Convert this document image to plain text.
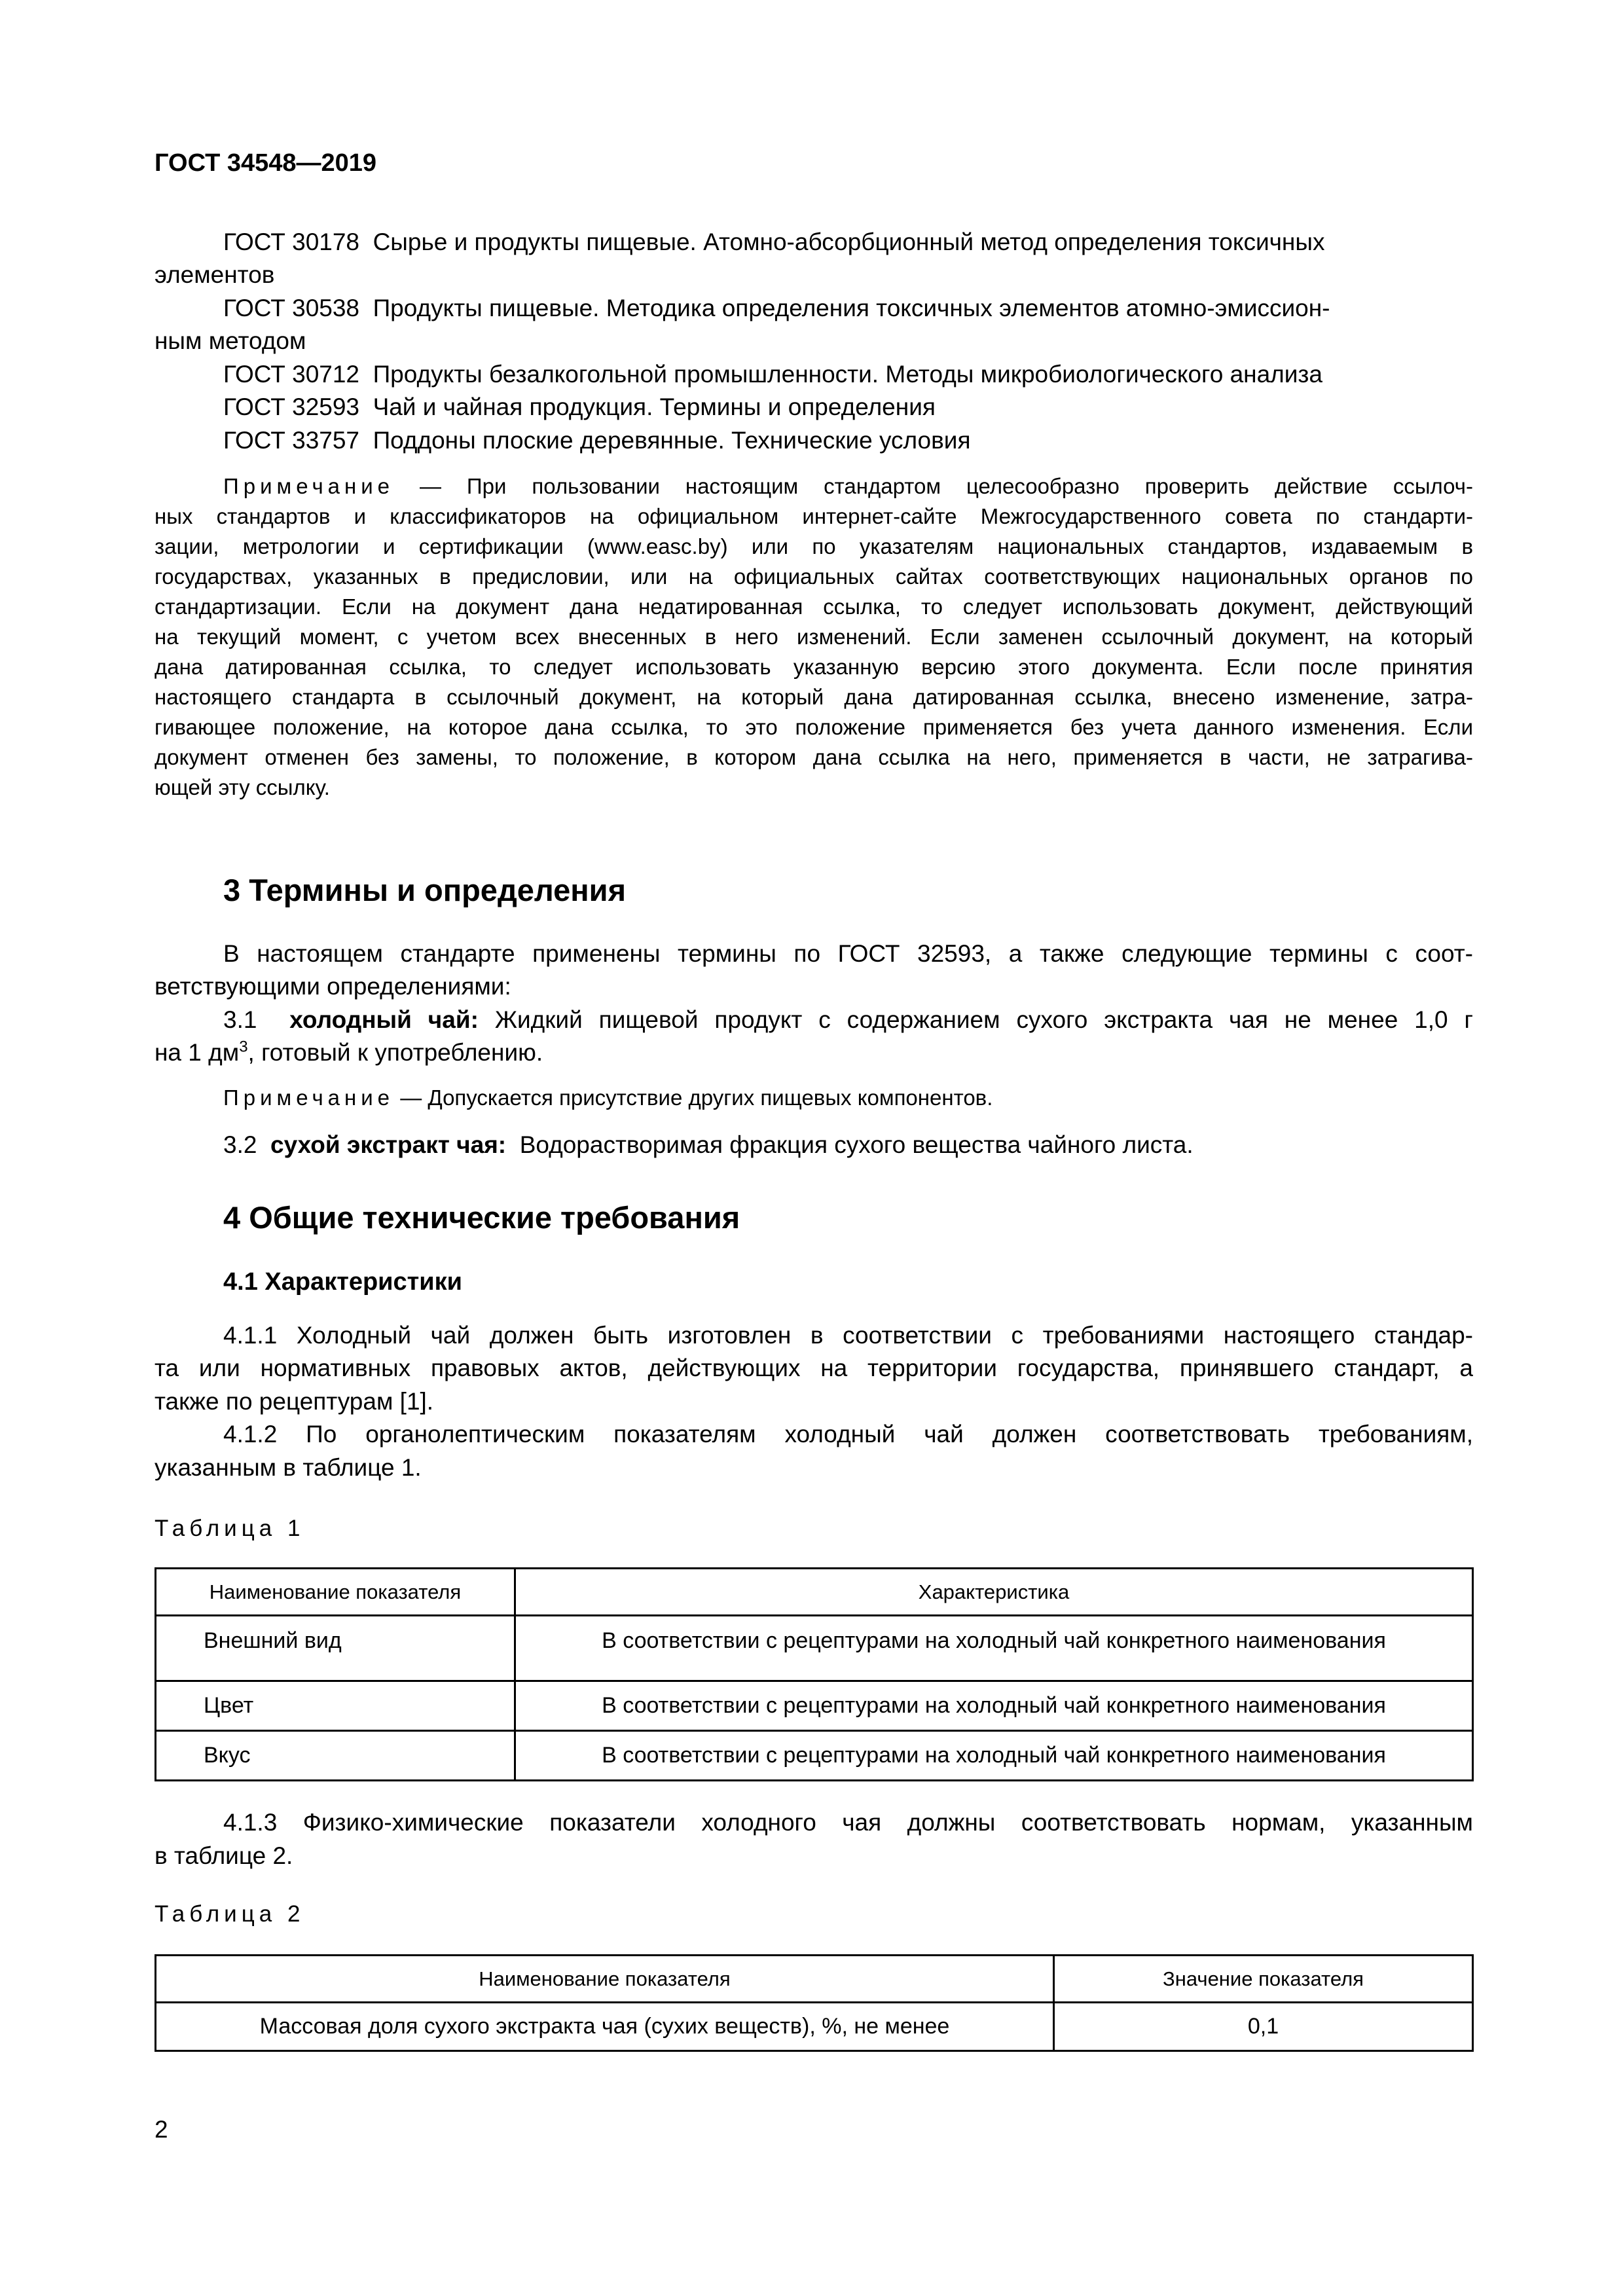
ГОСТ 34548—2019
ГОСТ 30178 Сырье и продукты пищевые. Атомно-абсорбционный метод определения токсичных
элементов
ГОСТ 30538 Продукты пищевые. Методика определения токсичных элементов атомно-эмиссион-
ным методом
ГОСТ 30712 Продукты безалкогольной промышленности. Методы микробиологического анализа
ГОСТ 32593 Чай и чайная продукция. Термины и определения
ГОСТ 33757 Поддоны плоские деревянные. Технические условия
Примечание — При пользовании настоящим стандартом целесообразно проверить действие ссылоч-
ных стандартов и классификаторов на официальном интернет-сайте Межгосударственного совета по стандарти-
зации, метрологии и сертификации (www.easc.by) или по указателям национальных стандартов, издаваемым в
государствах, указанных в предисловии, или на официальных сайтах соответствующих национальных органов по
стандартизации. Если на документ дана недатированная ссылка, то следует использовать документ, действующий
на текущий момент, с учетом всех внесенных в него изменений. Если заменен ссылочный документ, на который
дана датированная ссылка, то следует использовать указанную версию этого документа. Если после принятия
настоящего стандарта в ссылочный документ, на который дана датированная ссылка, внесено изменение, затра-
гивающее положение, на которое дана ссылка, то это положение применяется без учета данного изменения. Если
документ отменен без замены, то положение, в котором дана ссылка на него, применяется в части, не затрагива-
ющей эту ссылку.
3 Термины и определения
В настоящем стандарте применены термины по ГОСТ 32593, а также следующие термины с соот-
ветствующими определениями:
3.1 холодный чай: Жидкий пищевой продукт с содержанием сухого экстракта чая не менее 1,0 г
на 1 $дм^3$, готовый к употреблению.
Примечание — Допускается присутствие других пищевых компонентов.
3.2 сухой экстракт чая: Водорастворимая фракция сухого вещества чайного листа.
4 Общие технические требования
4.1 Характеристики
4.1.1 Холодный чай должен быть изготовлен в соответствии с требованиями настоящего стандар-
та или нормативных правовых актов, действующих на территории государства, принявшего стандарт, а
также по рецептурам [1].
4.1.2 По органолептическим показателям холодный чай должен соответствовать требованиям,
указанным в таблице 1.
Таблица 1
Наименование показателя	Характеристика
Внешний вид	В соответствии с рецептурами на холодный чай конкретного наименования
Цвет	В соответствии с рецептурами на холодный чай конкретного наименования
Вкус	В соответствии с рецептурами на холодный чай конкретного наименования
4.1.3 Физико-химические показатели холодного чая должны соответствовать нормам, указанным
в таблице 2.
Таблица 2
Наименование показателя	Значение показателя
Массовая доля сухого экстракта чая (сухих веществ), %, не менее	0,1
2
